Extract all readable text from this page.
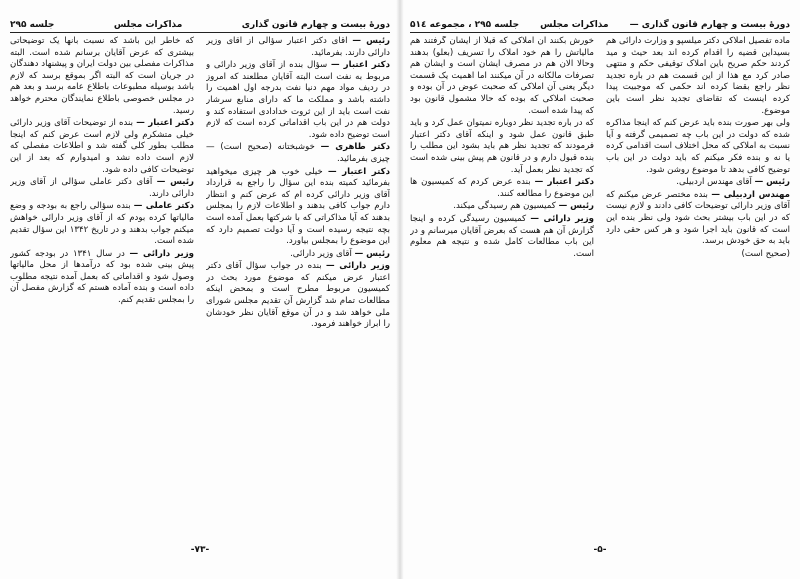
دورهٔ بیست و چهارم قانون گذاری
مذاکرات مجلس
جلسه ۲۹۵

رئیس — آقای دکتر اعتبار سؤالی از آقای وزیر دارائی دارند. بفرمائید.

دکتر اعتبار — سؤال بنده از آقای وزیر دارائی و مربوط به نفت است البته آقایان مطلعند که امروز در ردیف مواد مهم دنیا نفت بدرجه اول اهمیت را داشته باشد و مملکت ما که دارای منابع سرشار نفت است باید از این ثروت خدادادی استفاده کند و دولت هم در این باب اقداماتی کرده است که لازم است توضیح داده شود.

دکتر طاهری — خوشبختانه (صحیح است) — چیزی بفرمائید.

دکتر اعتبار — خیلی خوب هر چیزی میخواهید بفرمائید کمیته بنده این سؤال را راجع به قرارداد آقای وزیر دارائی کرده ام که عرض کنم و انتظار دارم جواب کافی بدهند و اطلاعات لازم را بمجلس بدهند که آیا مذاکراتی که با شرکتها بعمل آمده است بچه نتیجه رسیده است و آیا دولت تصمیم دارد که این موضوع را بمجلس بیاورد.

رئیس — آقای وزیر دارائی.

وزیر دارائی — بنده در جواب سؤال آقای دکتر اعتبار عرض میکنم که موضوع مورد بحث در کمیسیون مربوط مطرح است و بمحض اینکه مطالعات تمام شد گزارش آن تقدیم مجلس شورای ملی خواهد شد و در آن موقع آقایان نظر خودشان را ابراز خواهند فرمود.

که خاطر این باشد که نسبت بآنها یک توضیحاتی بیشتری که عرض آقایان برسانم شده است. البته مذاکرات مفصلی بین دولت ایران و پیشنهاد دهندگان در جریان است که البته اگر بموقع برسد که لازم باشد بوسیله مطبوعات باطلاع عامه برسد و بعد هم در مجلس خصوصی باطلاع نمایندگان محترم خواهد رسید.

دکتر اعتبار — بنده از توضیحات آقای وزیر دارائی خیلی متشکرم ولی لازم است عرض کنم که اینجا مطلب بطور کلی گفته شد و اطلاعات مفصلی که لازم است داده نشد و امیدوارم که بعد از این توضیحات کافی داده شود.

رئیس — آقای دکتر عاملی سؤالی از آقای وزیر دارائی دارند.

دکتر عاملی — بنده سؤالی راجع به بودجه و وضع مالیاتها کرده بودم که از آقای وزیر دارائی خواهش میکنم جواب بدهند و در تاریخ ۱۳۴۲ این سؤال تقدیم شده است.

وزیر دارائی — در سال ۱۳۴۱ در بودجه کشور پیش بینی شده بود که درآمدها از محل مالیاتها وصول شود و اقداماتی که بعمل آمده نتیجه مطلوب داده است و بنده آماده هستم که گزارش مفصل آن را بمجلس تقدیم کنم.

-۷۳-
دورهٔ بیست و چهارم قانون گذاری —
مذاکرات مجلس
جلسه ۲۹۵ ، مجموعه ۵۱٤

ماده تفصیل املاکی دکتر میلسپو و وزارت دارائی هم بسیداین قضیه را اقدام کرده اند بعد حیث و مید کردند حکم صریح باین املاک توقیفی حکم و منتهی صادر کرد مع هذا از این قسمت هم در باره تجدید نظر راجع بقضا کرده اند حکمی که موجبیت پیدا کرده اینست که تقاضای تجدید نظر است باین موضوع.

ولی بهر صورت بنده باید عرض کنم که اینجا مذاکره شده که دولت در این باب چه تصمیمی گرفته و آیا نسبت به املاکی که محل اختلاف است اقدامی کرده یا نه و بنده فکر میکنم که باید دولت در این باب توضیح کافی بدهد تا موضوع روشن شود.

رئیس — آقای مهندس اردبیلی.

مهندس اردبیلی — بنده مختصر عرض میکنم که آقای وزیر دارائی توضیحات کافی دادند و لازم نیست که در این باب بیشتر بحث شود ولی نظر بنده این است که قانون باید اجرا شود و هر کس حقی دارد باید به حق خودش برسد.

(صحیح است)

خورش بکنند آن املاکی که قبلاً از ایشان گرفتند هم مالیاتش را هم خود املاک را تسریف (بعلو) بدهند وحالا الان هم در مصرف ایشان است و ایشان هم تصرفات مالکانه در آن میکنند اما اهمیت یک قسمت دیگر یعنی آن املاکی که صحبت عوض در آن بوده و صحبت املاکی که بوده که حالا مشمول قانون بود که پیدا شده است.

که در باره تجدید نظر دوباره نمیتوان عمل کرد و باید طبق قانون عمل شود و اینکه آقای دکتر اعتبار فرمودند که تجدید نظر هم باید بشود این مطلب را بنده قبول دارم و در قانون هم پیش بینی شده است که تجدید نظر بعمل آید.

دکتر اعتبار — بنده عرض کردم که کمیسیون ها این موضوع را مطالعه کنند.

رئیس — کمیسیون هم رسیدگی میکند.

وزیر دارائی — کمیسیون رسیدگی کرده و اینجا گزارش آن هم هست که بعرض آقایان میرسانم و در این باب مطالعات کامل شده و نتیجه هم معلوم است.

-۵-
